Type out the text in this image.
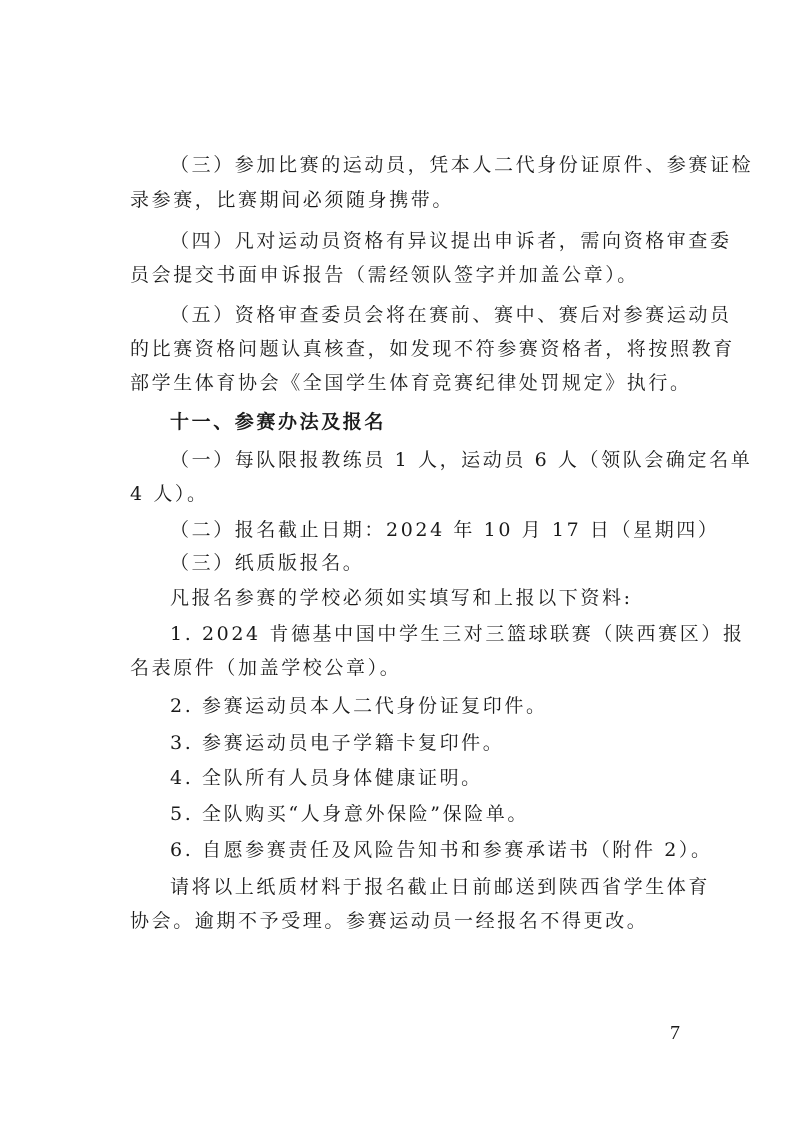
（三）参加比赛的运动员，凭本人二代身份证原件、参赛证检
录参赛，比赛期间必须随身携带。
（四）凡对运动员资格有异议提出申诉者，需向资格审查委
员会提交书面申诉报告（需经领队签字并加盖公章）。
（五）资格审查委员会将在赛前、赛中、赛后对参赛运动员
的比赛资格问题认真核查，如发现不符参赛资格者，将按照教育
部学生体育协会《全国学生体育竞赛纪律处罚规定》执行。
十一、参赛办法及报名
（一）每队限报教练员 1 人，运动员 6 人（领队会确定名单
4 人）。
（二）报名截止日期：2024 年 10 月 17 日（星期四）
（三）纸质版报名。
凡报名参赛的学校必须如实填写和上报以下资料:
1. 2024 肯德基中国中学生三对三篮球联赛（陕西赛区）报
名表原件（加盖学校公章）。
2. 参赛运动员本人二代身份证复印件。
3. 参赛运动员电子学籍卡复印件。
4. 全队所有人员身体健康证明。
5. 全队购买“人身意外保险”保险单。
6. 自愿参赛责任及风险告知书和参赛承诺书（附件 2）。
请将以上纸质材料于报名截止日前邮送到陕西省学生体育
协会。逾期不予受理。参赛运动员一经报名不得更改。
7
